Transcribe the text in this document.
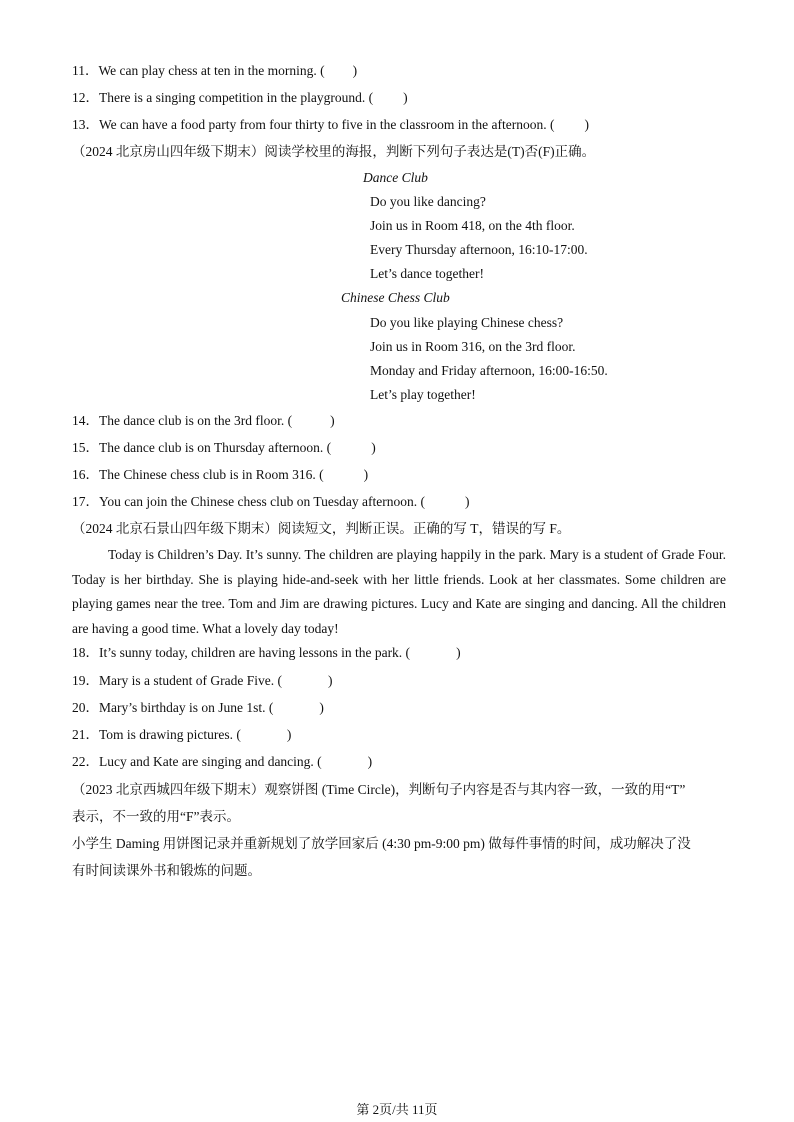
11．We can play chess at ten in the morning. ( )
12．There is a singing competition in the playground. ( )
13．We can have a food party from four thirty to five in the classroom in the afternoon. ( )
（2024 北京房山四年级下期末）阅读学校里的海报，判断下列句子表达是(T)否(F)正确。
Dance Club
Do you like dancing?
Join us in Room 418, on the 4th floor.
Every Thursday afternoon, 16:10-17:00.
Let’s dance together!
Chinese Chess Club
Do you like playing Chinese chess?
Join us in Room 316, on the 3rd floor.
Monday and Friday afternoon, 16:00-16:50.
Let’s play together!
14．The dance club is on the 3rd floor. (	)
15．The dance club is on Thursday afternoon. (	)
16．The Chinese chess club is in Room 316. (	)
17．You can join the Chinese chess club on Tuesday afternoon. (	)
（2024 北京石景山四年级下期末）阅读短文，判断正误。正确的写 T，错误的写 F。
Today is Children’s Day. It’s sunny. The children are playing happily in the park. Mary is a student of Grade Four. Today is her birthday. She is playing hide-and-seek with her little friends. Look at her classmates. Some children are playing games near the tree. Tom and Jim are drawing pictures. Lucy and Kate are singing and dancing. All the children are having a good time. What a lovely day today!
18．It’s sunny today, children are having lessons in the park. (	)
19．Mary is a student of Grade Five. (	)
20．Mary’s birthday is on June 1st. (	)
21．Tom is drawing pictures. (	)
22．Lucy and Kate are singing and dancing. (	)
（2023 北京西城四年级下期末）观察饼图 (Time Circle)，判断句子内容是否与其内容一致，一致的用“T”
表示，不一致的用“F”表示。
小学生 Daming 用饼图记录并重新规划了放学回家后 (4:30 pm-9:00 pm) 做每件事情的时间，成功解决了没
有时间读课外书和锻炼的问题。
第 2页/共 11页
